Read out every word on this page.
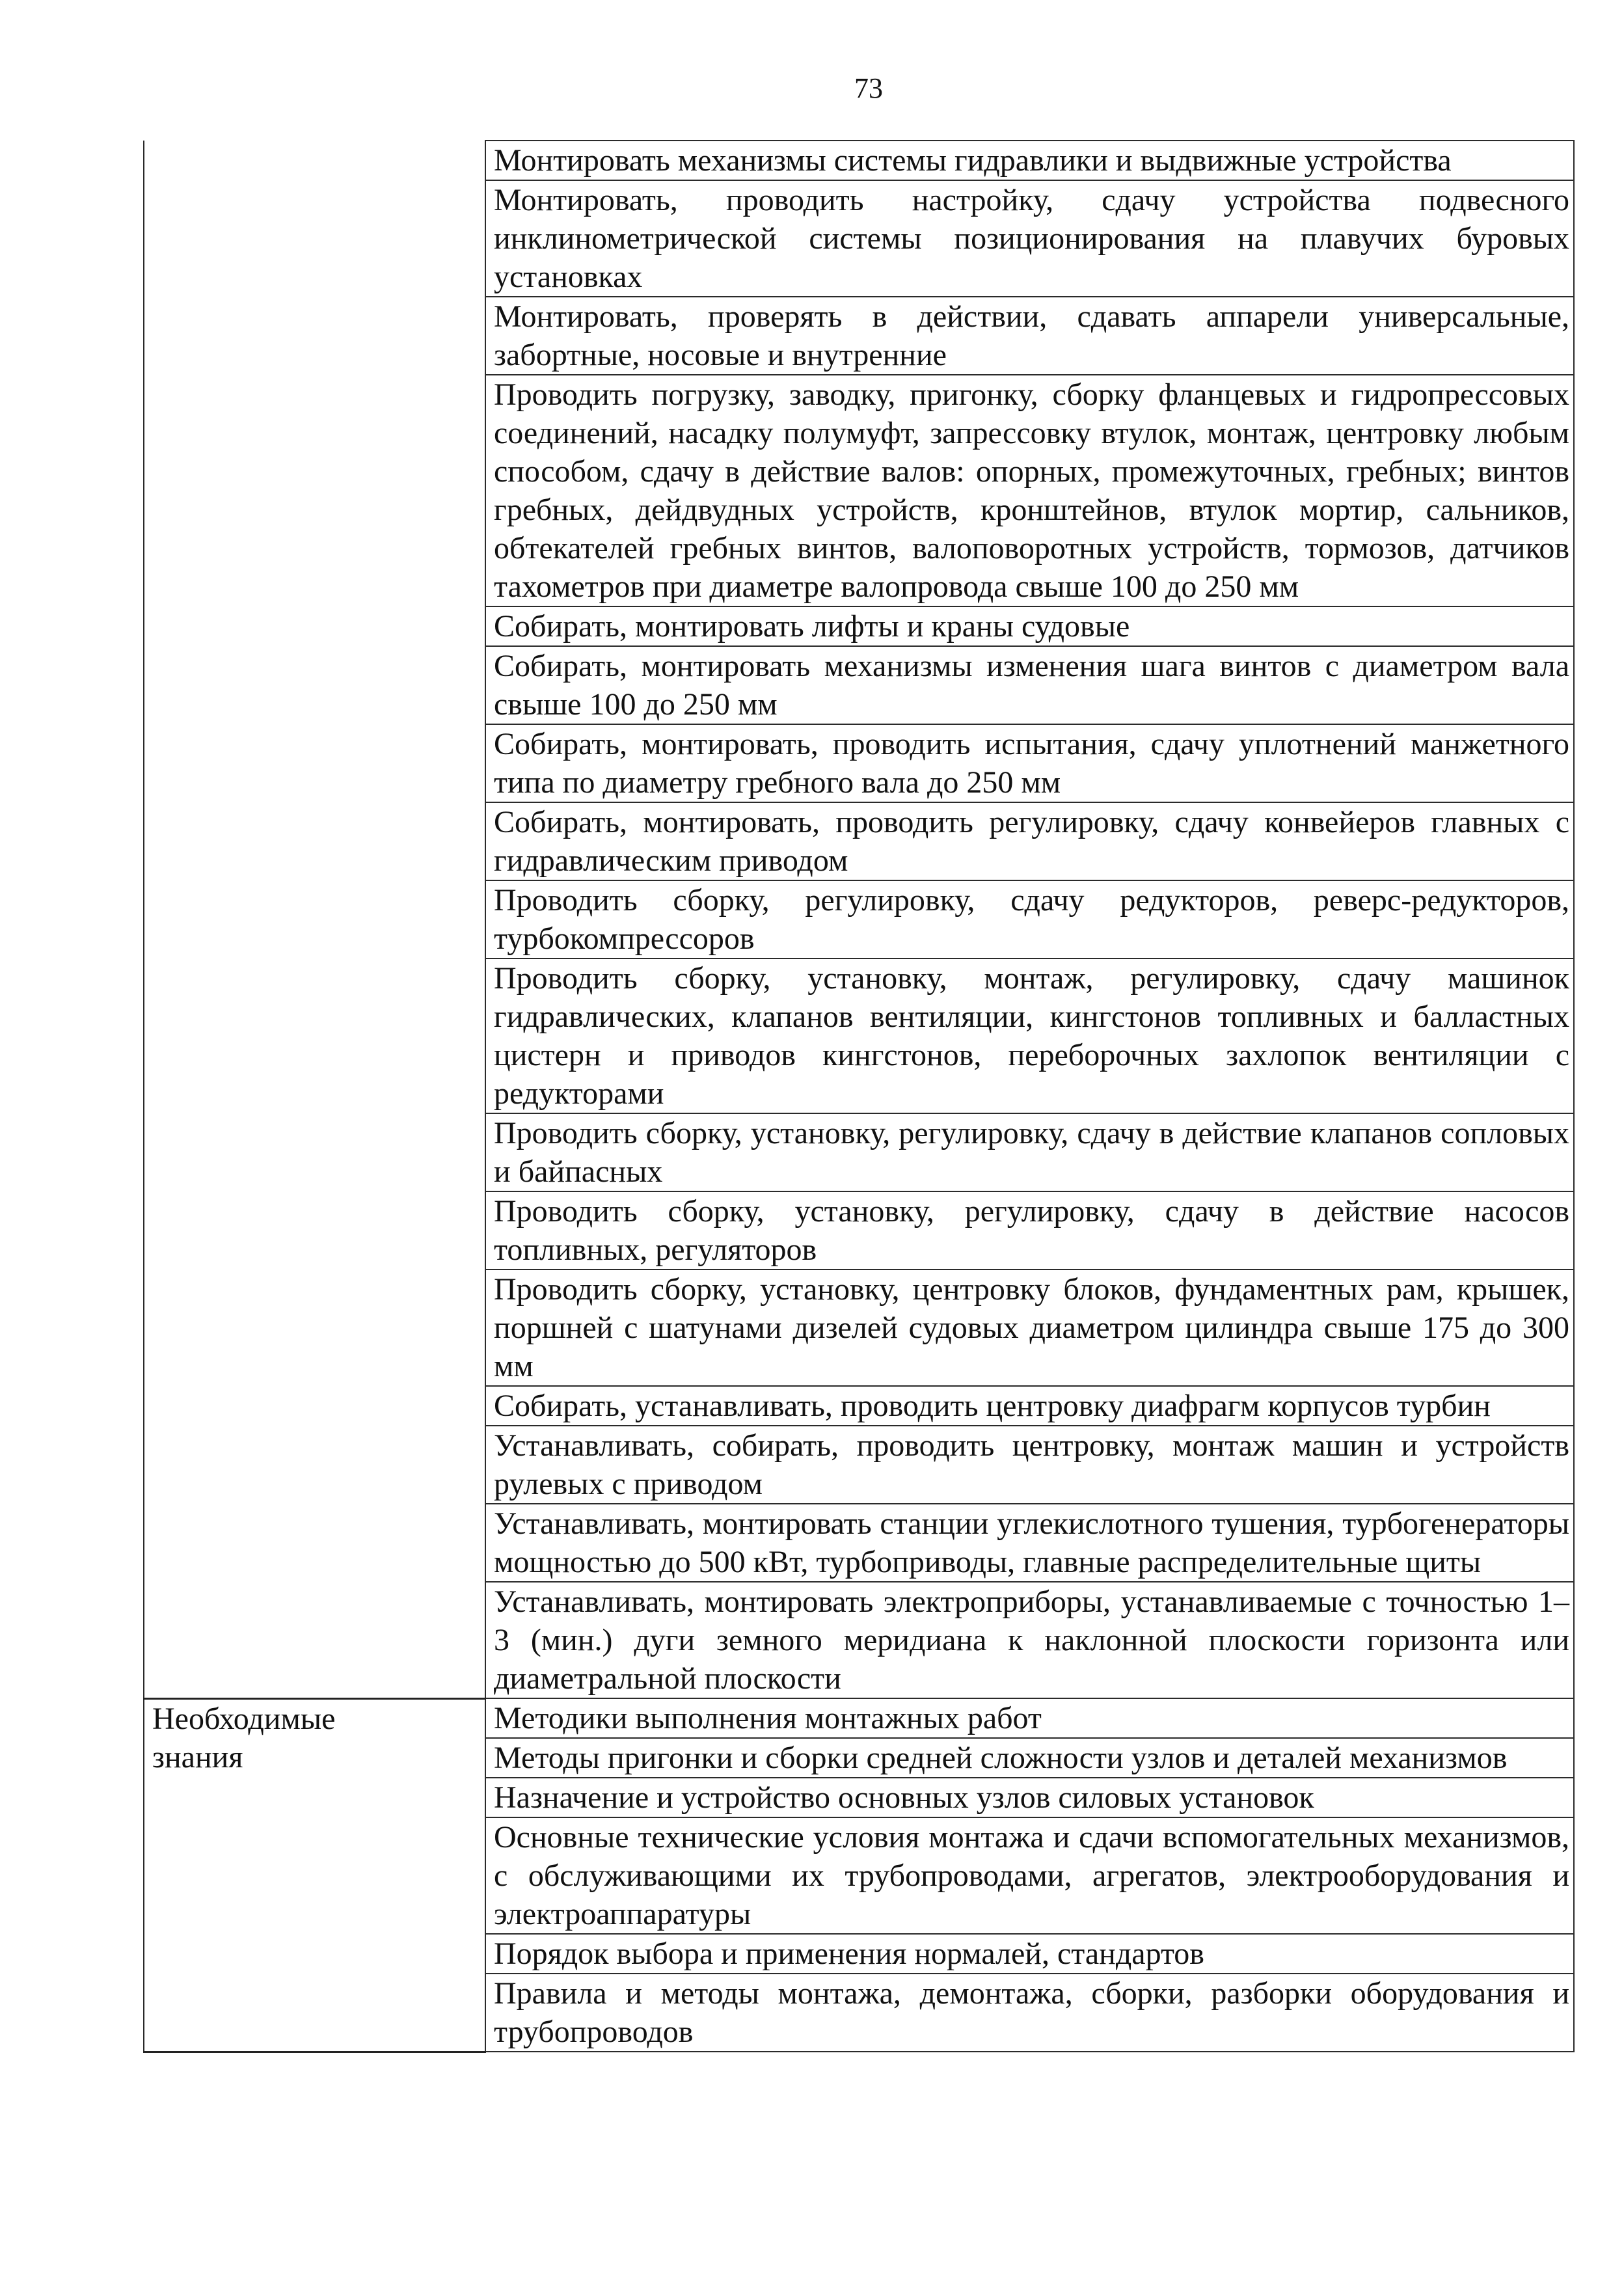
73
	Монтировать механизмы системы гидравлики и выдвижные устройства
	Монтировать, проводить настройку, сдачу устройства подвесного инклинометрической системы позиционирования на плавучих буровых установках
	Монтировать, проверять в действии, сдавать аппарели универсальные, забортные, носовые и внутренние
	Проводить погрузку, заводку, пригонку, сборку фланцевых и гидропрессовых соединений, насадку полумуфт, запрессовку втулок, монтаж, центровку любым способом, сдачу в действие валов: опорных, промежуточных, гребных; винтов гребных, дейдвудных устройств, кронштейнов, втулок мортир, сальников, обтекателей гребных винтов, валоповоротных устройств, тормозов, датчиков тахометров при диаметре валопровода свыше 100 до 250 мм
	Собирать, монтировать лифты и краны судовые
	Собирать, монтировать механизмы изменения шага винтов с диаметром вала свыше 100 до 250 мм
	Собирать, монтировать, проводить испытания, сдачу уплотнений манжетного типа по диаметру гребного вала до 250 мм
	Собирать, монтировать, проводить регулировку, сдачу конвейеров главных с гидравлическим приводом
	Проводить сборку, регулировку, сдачу редукторов, реверс-редукторов, турбокомпрессоров
	Проводить сборку, установку, монтаж, регулировку, сдачу машинок гидравлических, клапанов вентиляции, кингстонов топливных и балластных цистерн и приводов кингстонов, переборочных захлопок вентиляции с редукторами
	Проводить сборку, установку, регулировку, сдачу в действие клапанов сопловых и байпасных
	Проводить сборку, установку, регулировку, сдачу в действие насосов топливных, регуляторов
	Проводить сборку, установку, центровку блоков, фундаментных рам, крышек, поршней с шатунами дизелей судовых диаметром цилиндра свыше 175 до 300 мм
	Собирать, устанавливать, проводить центровку диафрагм корпусов турбин
	Устанавливать, собирать, проводить центровку, монтаж машин и устройств рулевых с приводом
	Устанавливать, монтировать станции углекислотного тушения, турбогенераторы мощностью до 500 кВт, турбоприводы, главные распределительные щиты
	Устанавливать, монтировать электроприборы, устанавливаемые с точностью 1–3 (мин.) дуги земного меридиана к наклонной плоскости горизонта или диаметральной плоскости

Необходимые
знания	Методики выполнения монтажных работ
	Методы пригонки и сборки средней сложности узлов и деталей механизмов
	Назначение и устройство основных узлов силовых установок
	Основные технические условия монтажа и сдачи вспомогательных механизмов, с обслуживающими их трубопроводами, агрегатов, электрооборудования и электроаппаратуры
	Порядок выбора и применения нормалей, стандартов
	Правила и методы монтажа, демонтажа, сборки, разборки оборудования и трубопроводов
